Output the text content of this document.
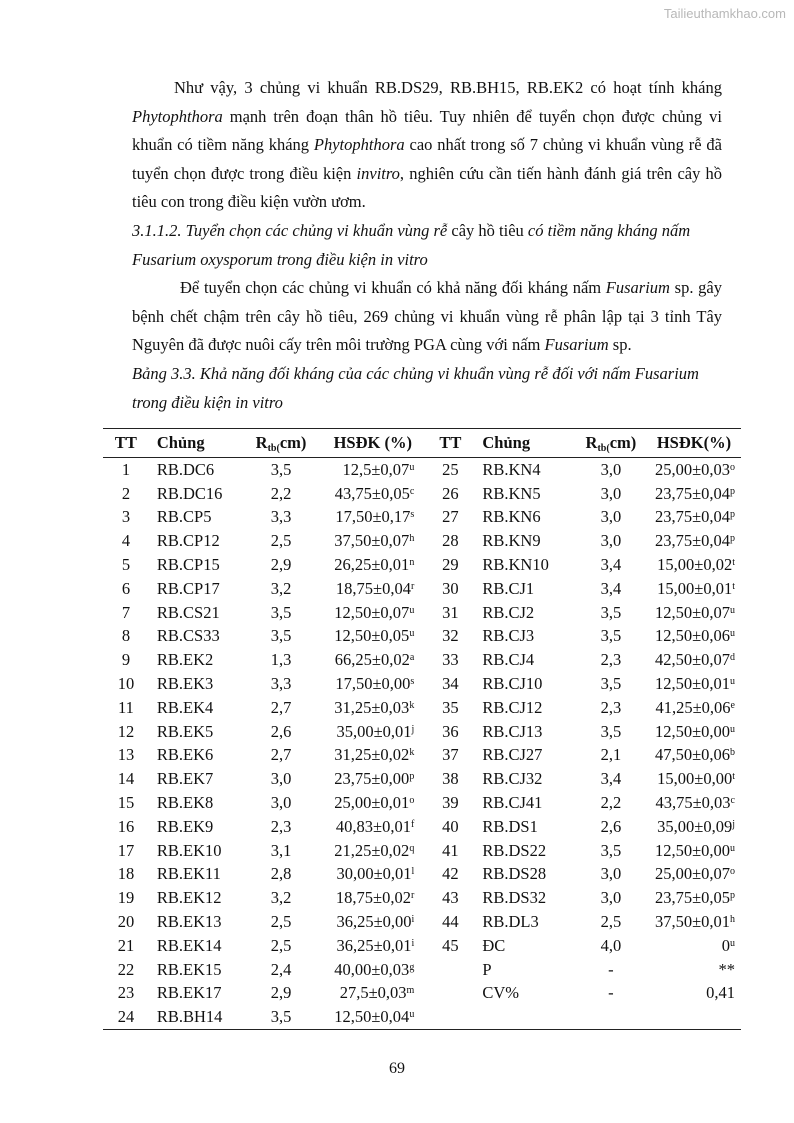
Tailieuthamkhao.com

Như vậy, 3 chủng vi khuẩn RB.DS29, RB.BH15, RB.EK2 có hoạt tính kháng Phytophthora mạnh trên đoạn thân hồ tiêu. Tuy nhiên để tuyển chọn được chủng vi khuẩn có tiềm năng kháng Phytophthora cao nhất trong số 7 chủng vi khuẩn vùng rễ đã tuyển chọn được trong điều kiện invitro, nghiên cứu cần tiến hành đánh giá trên cây hồ tiêu con trong điều kiện vườn ươm.

3.1.1.2. Tuyển chọn các chủng vi khuẩn vùng rễ cây hồ tiêu có tiềm năng kháng nấm Fusarium oxysporum trong điều kiện in vitro

Để tuyển chọn các chủng vi khuẩn có khả năng đối kháng nấm Fusarium sp. gây bệnh chết chậm trên cây hồ tiêu, 269 chủng vi khuẩn vùng rễ phân lập tại 3 tỉnh Tây Nguyên đã được nuôi cấy trên môi trường PGA cùng với nấm Fusarium sp.

Bảng 3.3. Khả năng đối kháng của các chủng vi khuẩn vùng rễ đối với nấm Fusarium trong điều kiện in vitro

TT	Chủng	$R_{tb(}cm$)	HSĐK (%)	TT	Chủng	$R_{tb(}cm$)	HSĐK(%)
1	RB.DC6	3,5	$12,5\pm 0,07^u$	25	RB.KN4	3,0	$25,00\pm 0,03^o$
2	RB.DC16	2,2	43,75±0,05$^c$	26	RB.KN5	3,0	$23,75\pm 0,04^p$
3	RB.CP5	3,3	$17,50\pm 0,17^s$	27	RB.KN6	3,0	$23,75\pm 0,04^p$
4	RB.CP12	2,5	37,50±0,07$^h$	28	RB.KN9	3,0	$23,75\pm 0,04^p$
5	RB.CP15	2,9	$26,25\pm 0,01^n$	29	RB.KN10	3,4	$15,00\pm 0,02^t$
6	RB.CP17	3,2	$18,75\pm 0,04^r$	30	RB.CJ1	3,4	$15,00\pm 0,01^t$
7	RB.CS21	3,5	$12,50\pm 0,07^u$	31	RB.CJ2	3,5	$12,50\pm 0,07^u$
8	RB.CS33	3,5	$12,50\pm 0,05^u$	32	RB.CJ3	3,5	$12,50\pm 0,06^u$
9	RB.EK2	1,3	66,25±0,02$^a$	33	RB.CJ4	2,3	42,50±0,07$^d$
10	RB.EK3	3,3	$17,50\pm 0,00^s$	34	RB.CJ10	3,5	$12,50\pm 0,01^u$
11	RB.EK4	2,7	$31,25\pm 0,03^k$	35	RB.CJ12	2,3	41,25±0,06$^e$
12	RB.EK5	2,6	$35,00\pm 0,01^j$	36	RB.CJ13	3,5	$12,50\pm 0,00^u$
13	RB.EK6	2,7	$31,25\pm 0,02^k$	37	RB.CJ27	2,1	47,50±0,06$^b$
14	RB.EK7	3,0	$23,75\pm 0,00^p$	38	RB.CJ32	3,4	$15,00\pm 0,00^t$
15	RB.EK8	3,0	$25,00\pm 0,01^o$	39	RB.CJ41	2,2	43,75±0,03$^c$
16	RB.EK9	2,3	40,83±0,01$^f$	40	RB.DS1	2,6	$35,00\pm 0,09^j$
17	RB.EK10	3,1	$21,25\pm 0,02^q$	41	RB.DS22	3,5	$12,50\pm 0,00^u$
18	RB.EK11	2,8	$30,00\pm 0,01^l$	42	RB.DS28	3,0	$25,00\pm 0,07^o$
19	RB.EK12	3,2	$18,75\pm 0,02^r$	43	RB.DS32	3,0	$23,75\pm 0,05^p$
20	RB.EK13	2,5	$36,25\pm 0,00^i$	44	RB.DL3	2,5	37,50±0,01$^h$
21	RB.EK14	2,5	$36,25\pm 0,01^i$	45	ĐC	4,0	0$^u$
22	RB.EK15	2,4	40,00±0,03$^g$		P	-	**
23	RB.EK17	2,9	$27,5\pm 0,03^m$		CV%	-	0,41
24	RB.BH14	3,5	$12,50\pm 0,04^u$				
69
